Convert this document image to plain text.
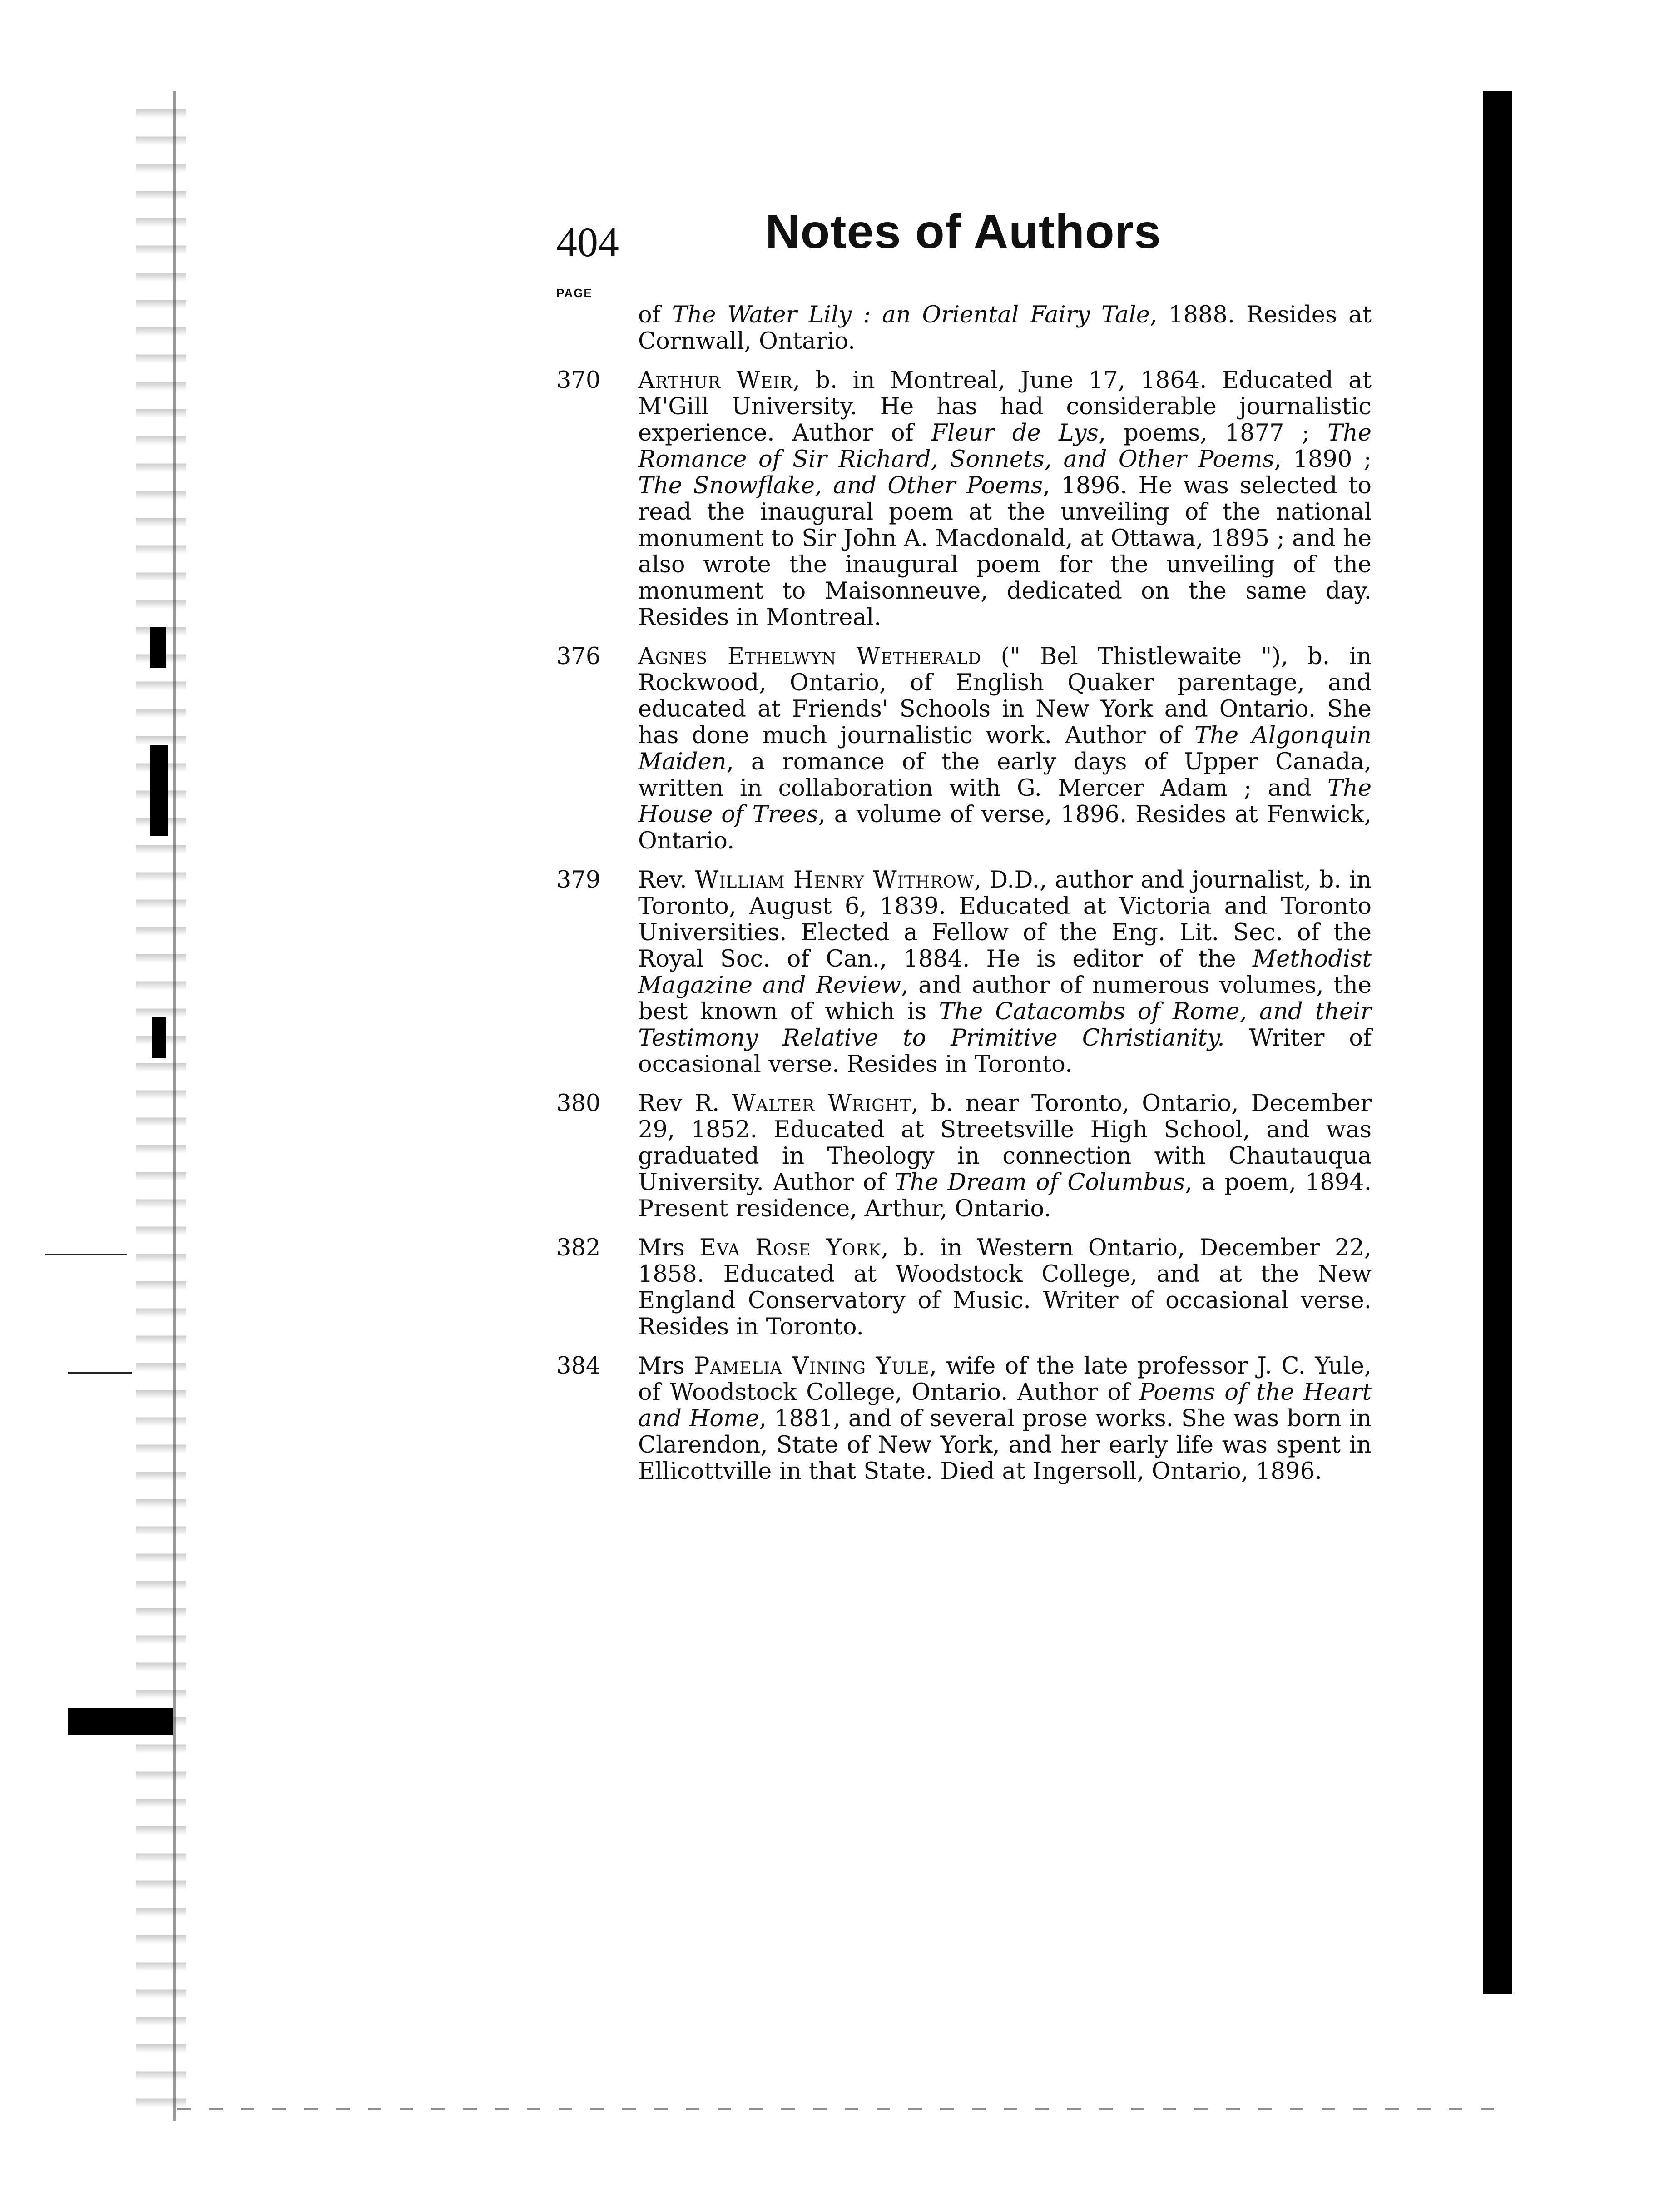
404	Notes of Authors
PAGE
of The Water Lily : an Oriental Fairy Tale, 1888. Resides at Cornwall, Ontario.
370 Arthur Weir, b. in Montreal, June 17, 1864. Educated at M'Gill University. He has had considerable journalistic experience. Author of Fleur de Lys, poems, 1877 ; The Romance of Sir Richard, Sonnets, and Other Poems, 1890 ; The Snowflake, and Other Poems, 1896. He was selected to read the inaugural poem at the unveiling of the national monument to Sir John A. Macdonald, at Ottawa, 1895 ; and he also wrote the inaugural poem for the unveiling of the monument to Maisonneuve, dedicated on the same day. Resides in Montreal.
376 Agnes Ethelwyn Wetherald (" Bel Thistlewaite "), b. in Rockwood, Ontario, of English Quaker parentage, and educated at Friends' Schools in New York and Ontario. She has done much journalistic work. Author of The Algonquin Maiden, a romance of the early days of Upper Canada, written in collaboration with G. Mercer Adam ; and The House of Trees, a volume of verse, 1896. Resides at Fenwick, Ontario.
379 Rev. William Henry Withrow, D.D., author and journalist, b. in Toronto, August 6, 1839. Educated at Victoria and Toronto Universities. Elected a Fellow of the Eng. Lit. Sec. of the Royal Soc. of Can., 1884. He is editor of the Methodist Magazine and Review, and author of numerous volumes, the best known of which is The Catacombs of Rome, and their Testimony Relative to Primitive Christianity. Writer of occasional verse. Resides in Toronto.
380 Rev R. Walter Wright, b. near Toronto, Ontario, December 29, 1852. Educated at Streetsville High School, and was graduated in Theology in connection with Chautauqua University. Author of The Dream of Columbus, a poem, 1894. Present residence, Arthur, Ontario.
382 Mrs Eva Rose York, b. in Western Ontario, December 22, 1858. Educated at Woodstock College, and at the New England Conservatory of Music. Writer of occasional verse. Resides in Toronto.
384 Mrs Pamelia Vining Yule, wife of the late professor J. C. Yule, of Woodstock College, Ontario. Author of Poems of the Heart and Home, 1881, and of several prose works. She was born in Clarendon, State of New York, and her early life was spent in Ellicottville in that State. Died at Ingersoll, Ontario, 1896.
